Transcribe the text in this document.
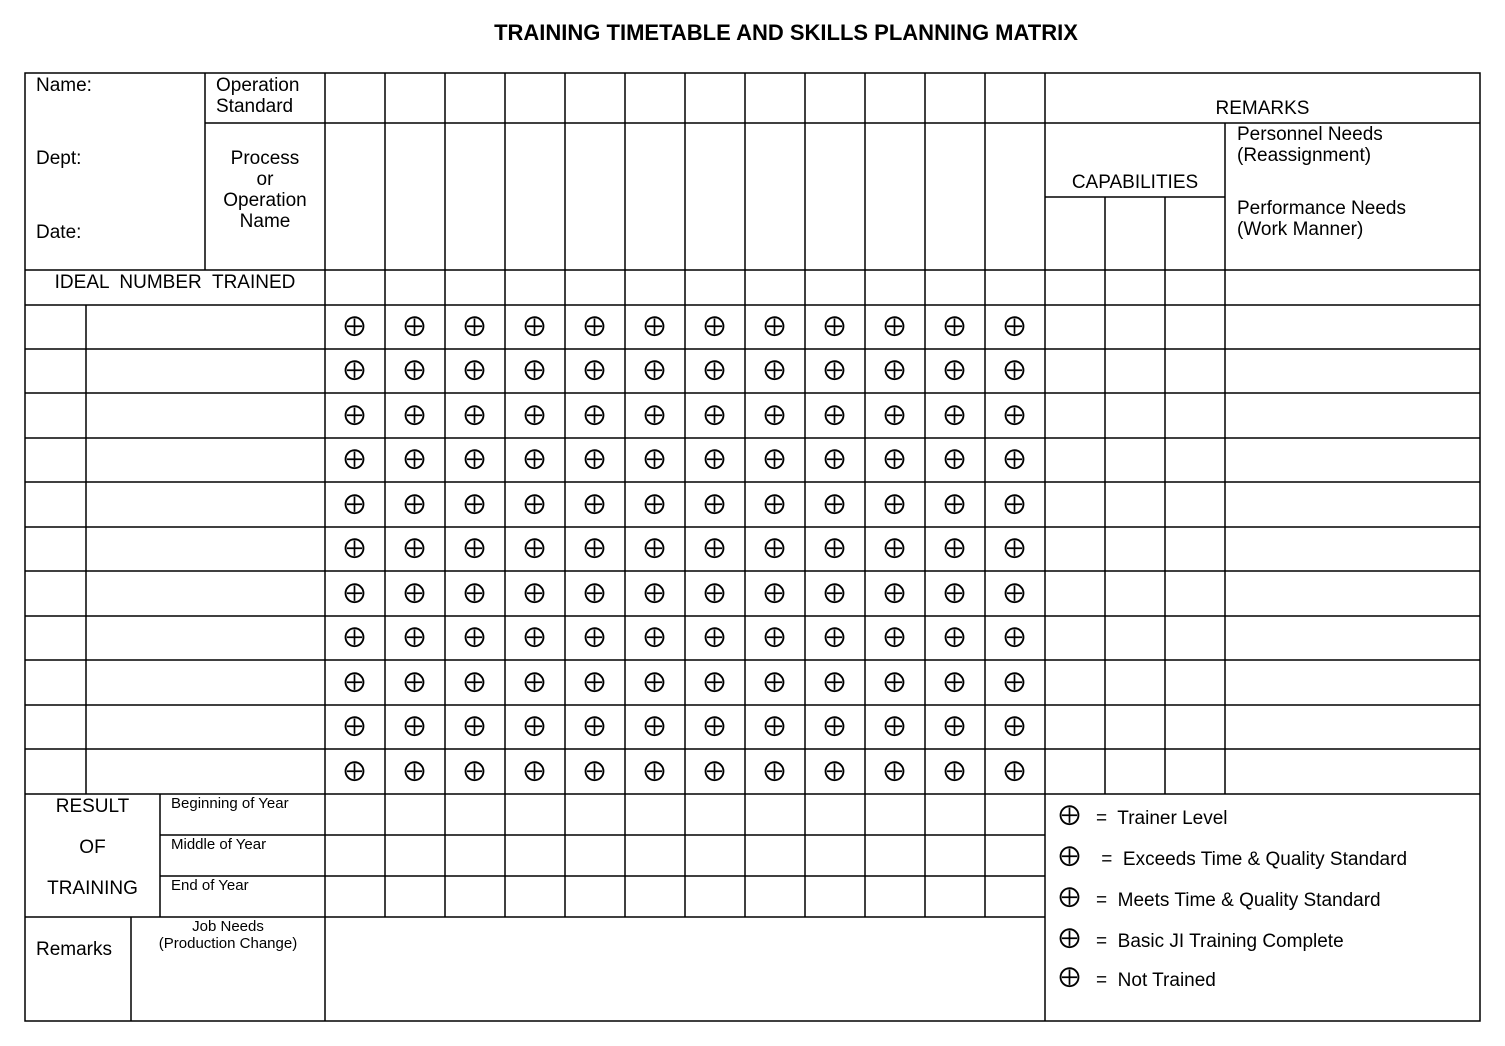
TRAINING TIMETABLE AND SKILLS PLANNING MATRIX
Name:
Dept:
Date:
Operation
Standard
Process
or
Operation
Name
REMARKS
CAPABILITIES
Personnel Needs
(Reassignment)
Performance Needs
(Work Manner)
IDEAL  NUMBER  TRAINED
⨁ ⨁ ⨁ ⨁ ⨁ ⨁ ⨁ ⨁ ⨁ ⨁ ⨁ ⨁
⨁ ⨁ ⨁ ⨁ ⨁ ⨁ ⨁ ⨁ ⨁ ⨁ ⨁ ⨁
⨁ ⨁ ⨁ ⨁ ⨁ ⨁ ⨁ ⨁ ⨁ ⨁ ⨁ ⨁
⨁ ⨁ ⨁ ⨁ ⨁ ⨁ ⨁ ⨁ ⨁ ⨁ ⨁ ⨁
⨁ ⨁ ⨁ ⨁ ⨁ ⨁ ⨁ ⨁ ⨁ ⨁ ⨁ ⨁
⨁ ⨁ ⨁ ⨁ ⨁ ⨁ ⨁ ⨁ ⨁ ⨁ ⨁ ⨁
⨁ ⨁ ⨁ ⨁ ⨁ ⨁ ⨁ ⨁ ⨁ ⨁ ⨁ ⨁
⨁ ⨁ ⨁ ⨁ ⨁ ⨁ ⨁ ⨁ ⨁ ⨁ ⨁ ⨁
⨁ ⨁ ⨁ ⨁ ⨁ ⨁ ⨁ ⨁ ⨁ ⨁ ⨁ ⨁
⨁ ⨁ ⨁ ⨁ ⨁ ⨁ ⨁ ⨁ ⨁ ⨁ ⨁ ⨁
⨁ ⨁ ⨁ ⨁ ⨁ ⨁ ⨁ ⨁ ⨁ ⨁ ⨁ ⨁
RESULT
OF
TRAINING
Beginning of Year
Middle of Year
End of Year
Remarks
Job Needs
(Production Change)
⨁ =  Trainer Level
⨁ =  Exceeds Time & Quality Standard
⨁ =  Meets Time & Quality Standard
⨁ =  Basic JI Training Complete
⨁ =  Not Trained
